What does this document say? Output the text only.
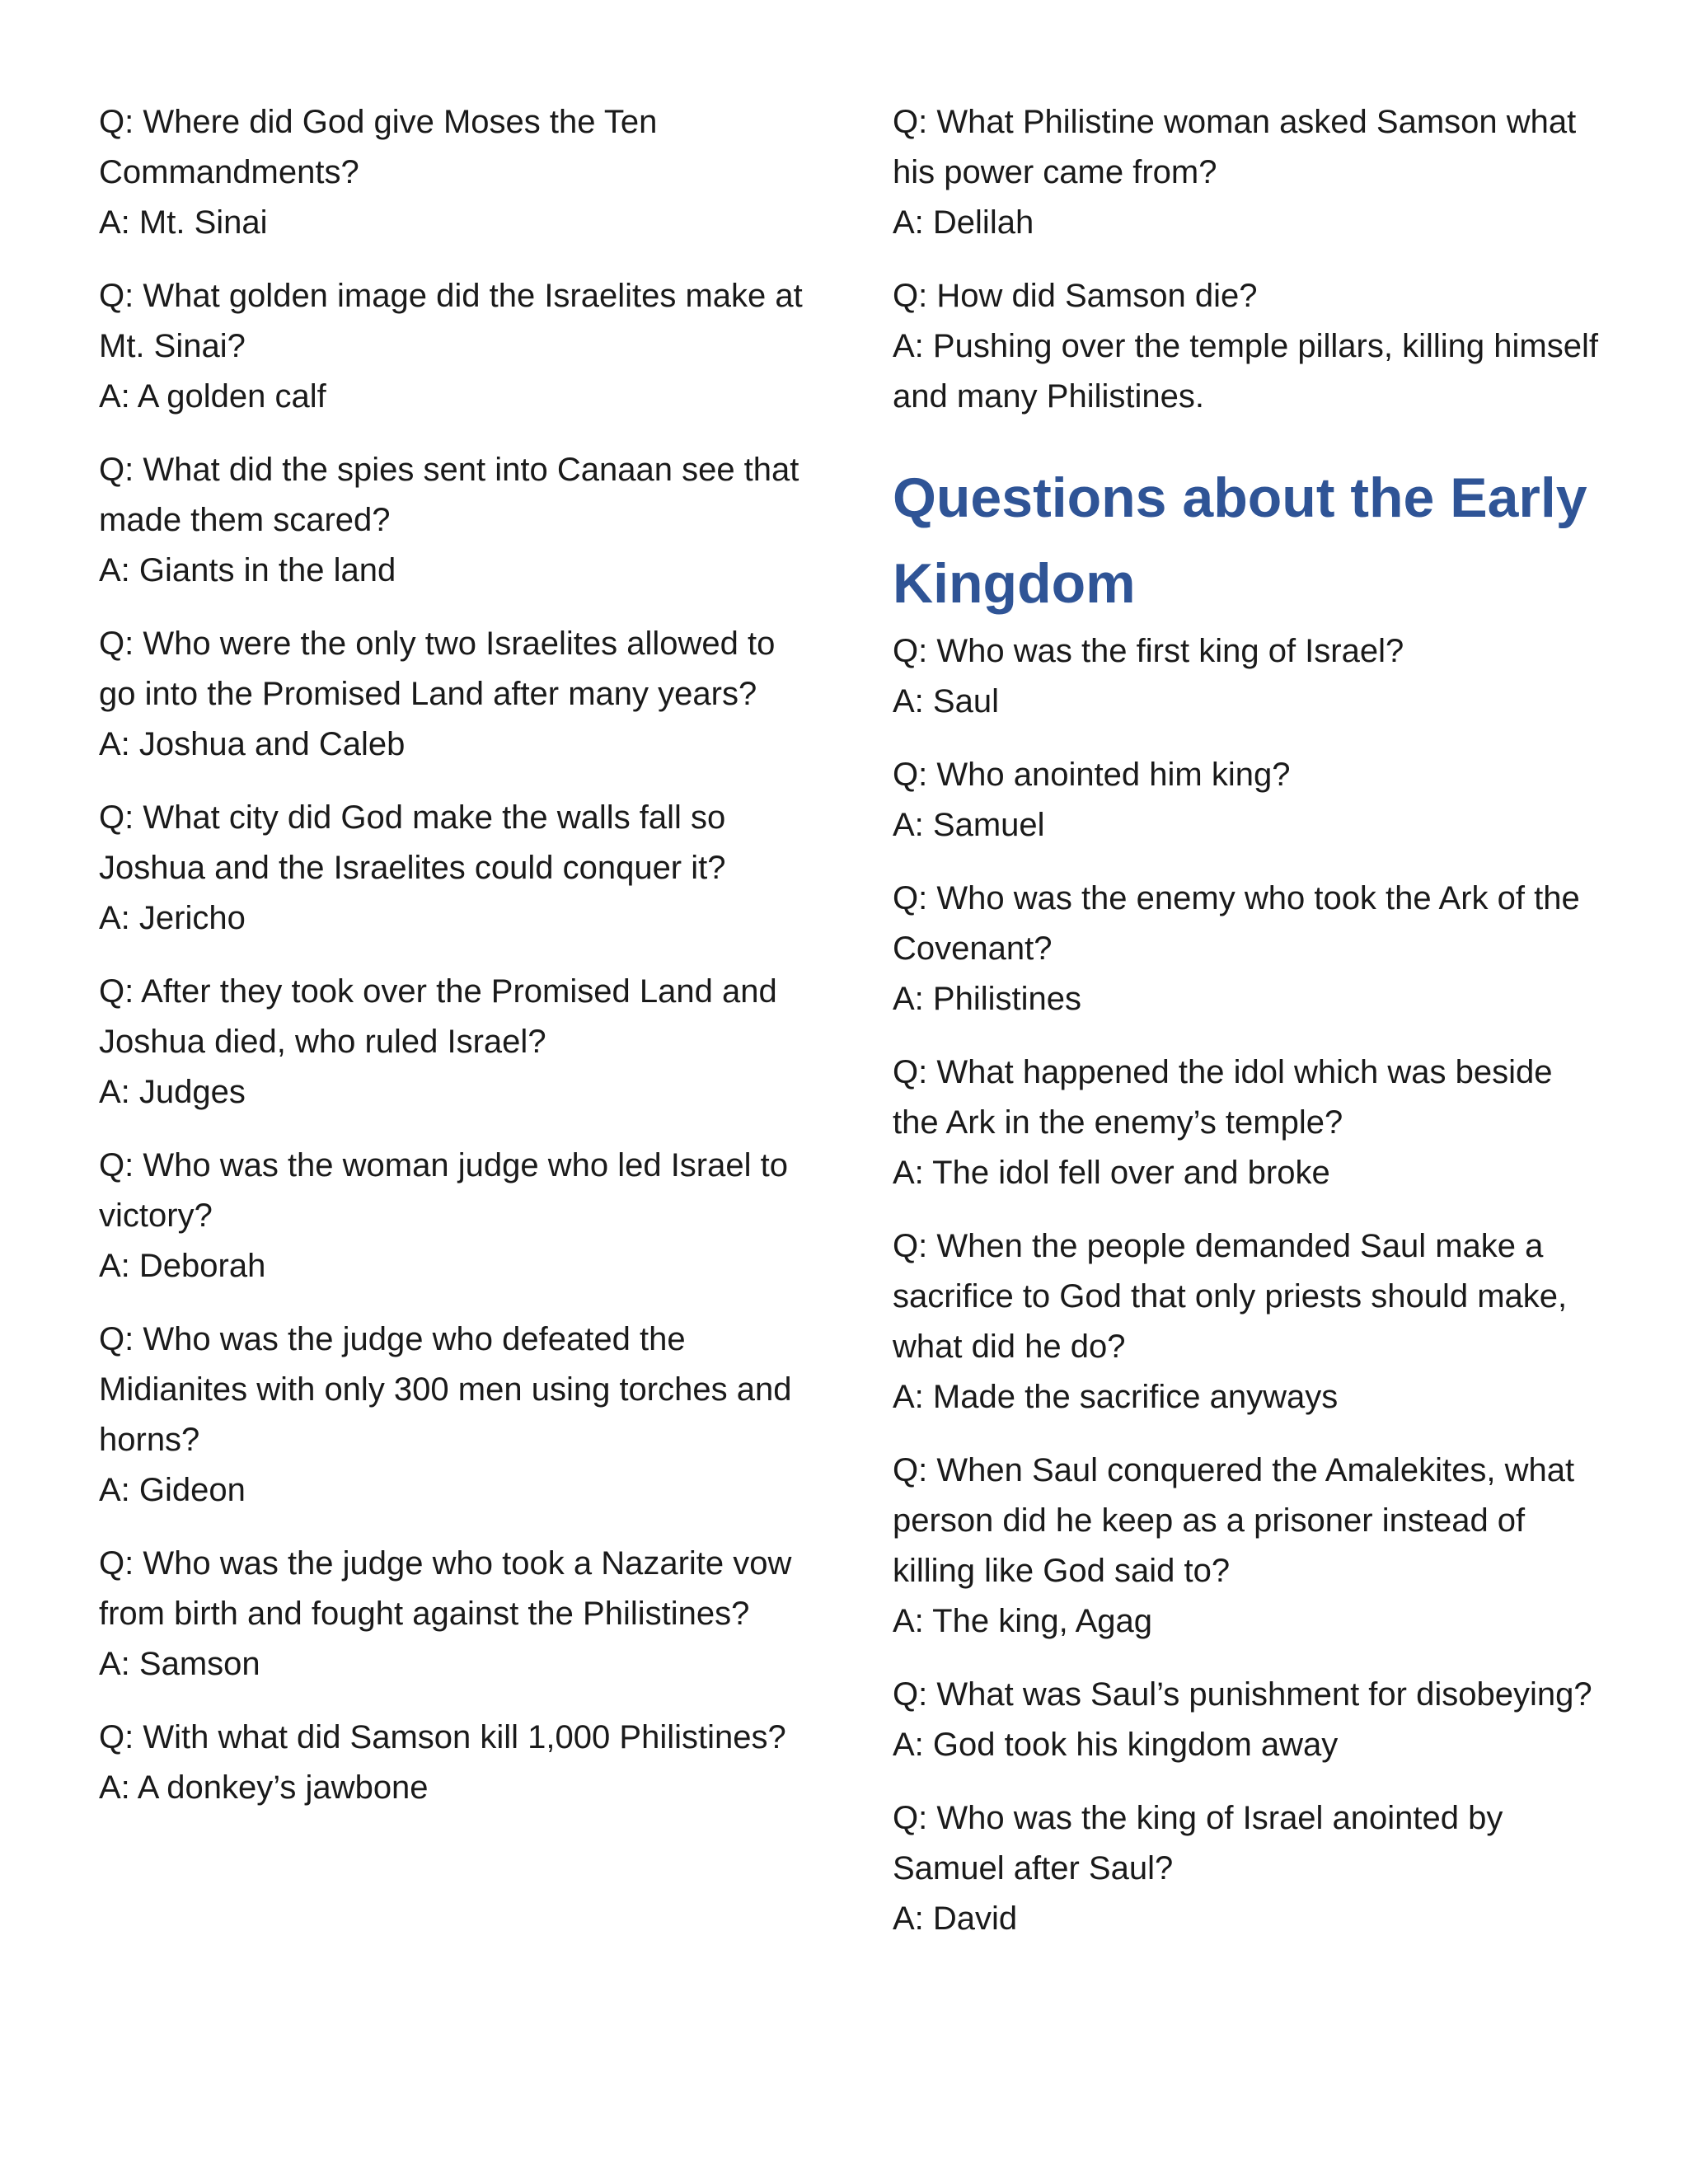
Q: Where did God give Moses the Ten Commandments?

A: Mt. Sinai

Q: What golden image did the Israelites make at Mt. Sinai?

A: A golden calf

Q: What did the spies sent into Canaan see that made them scared?

A: Giants in the land

Q: Who were the only two Israelites allowed to go into the Promised Land after many years?

A: Joshua and Caleb

Q: What city did God make the walls fall so Joshua and the Israelites could conquer it?

A: Jericho

Q: After they took over the Promised Land and Joshua died, who ruled Israel?

A: Judges

Q: Who was the woman judge who led Israel to victory?

A: Deborah

Q: Who was the judge who defeated the Midianites with only 300 men using torches and horns?

A: Gideon

Q: Who was the judge who took a Nazarite vow from birth and fought against the Philistines?

A: Samson

Q: With what did Samson kill 1,000 Philistines?

A: A donkey’s jawbone

Q: What Philistine woman asked Samson what his power came from?

A: Delilah

Q: How did Samson die?

A: Pushing over the temple pillars, killing himself and many Philistines.

Questions about the Early Kingdom

Q: Who was the first king of Israel?

A: Saul

Q: Who anointed him king?

A: Samuel

Q: Who was the enemy who took the Ark of the Covenant?

A: Philistines

Q: What happened the idol which was beside the Ark in the enemy’s temple?

A: The idol fell over and broke

Q: When the people demanded Saul make a sacrifice to God that only priests should make, what did he do?

A: Made the sacrifice anyways

Q: When Saul conquered the Amalekites, what person did he keep as a prisoner instead of killing like God said to?

A: The king, Agag

Q: What was Saul’s punishment for disobeying?

A: God took his kingdom away

Q: Who was the king of Israel anointed by Samuel after Saul?

A: David
